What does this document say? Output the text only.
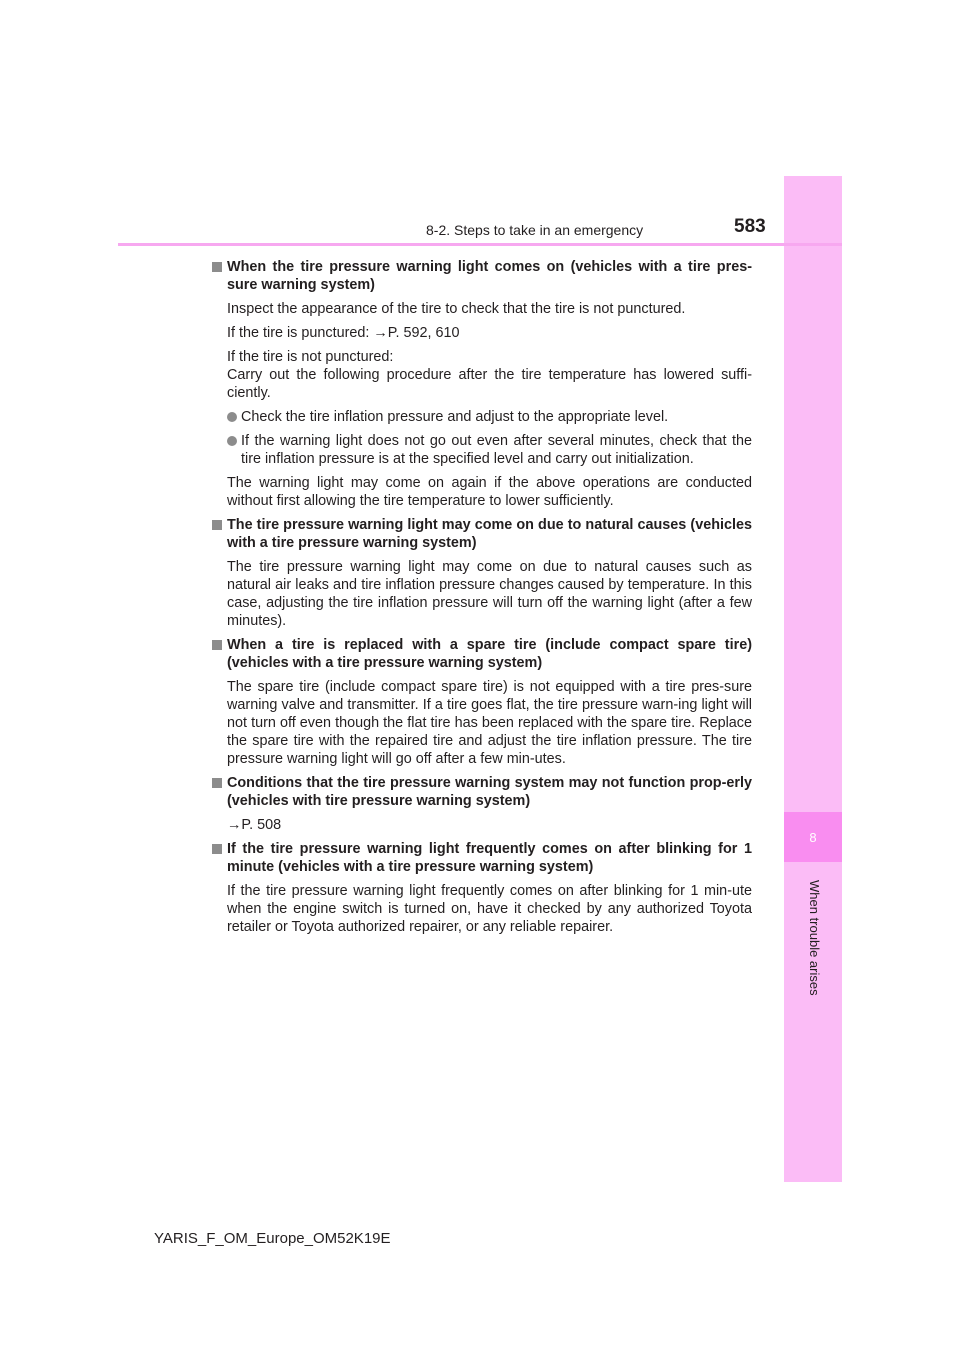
8
When trouble arises
8-2. Steps to take in an emergency	583
When the tire pressure warning light comes on (vehicles with a tire pres-sure warning system)

Inspect the appearance of the tire to check that the tire is not punctured.

If the tire is punctured: →P. 592, 610

If the tire is not punctured:

Carry out the following procedure after the tire temperature has lowered suffi-ciently.

Check the tire inflation pressure and adjust to the appropriate level.
If the warning light does not go out even after several minutes, check that the tire inflation pressure is at the specified level and carry out initialization.

The warning light may come on again if the above operations are conducted without first allowing the tire temperature to lower sufficiently.

The tire pressure warning light may come on due to natural causes (vehicles with a tire pressure warning system)

The tire pressure warning light may come on due to natural causes such as natural air leaks and tire inflation pressure changes caused by temperature. In this case, adjusting the tire inflation pressure will turn off the warning light (after a few minutes).

When a tire is replaced with a spare tire (include compact spare tire) (vehicles with a tire pressure warning system)

The spare tire (include compact spare tire) is not equipped with a tire pres-sure warning valve and transmitter. If a tire goes flat, the tire pressure warn-ing light will not turn off even though the flat tire has been replaced with the spare tire. Replace the spare tire with the repaired tire and adjust the tire inflation pressure. The tire pressure warning light will go off after a few min-utes.

Conditions that the tire pressure warning system may not function prop-erly (vehicles with tire pressure warning system)

→P. 508

If the tire pressure warning light frequently comes on after blinking for 1 minute (vehicles with a tire pressure warning system)

If the tire pressure warning light frequently comes on after blinking for 1 min-ute when the engine switch is turned on, have it checked by any authorized Toyota retailer or Toyota authorized repairer, or any reliable repairer.

YARIS_F_OM_Europe_OM52K19E
